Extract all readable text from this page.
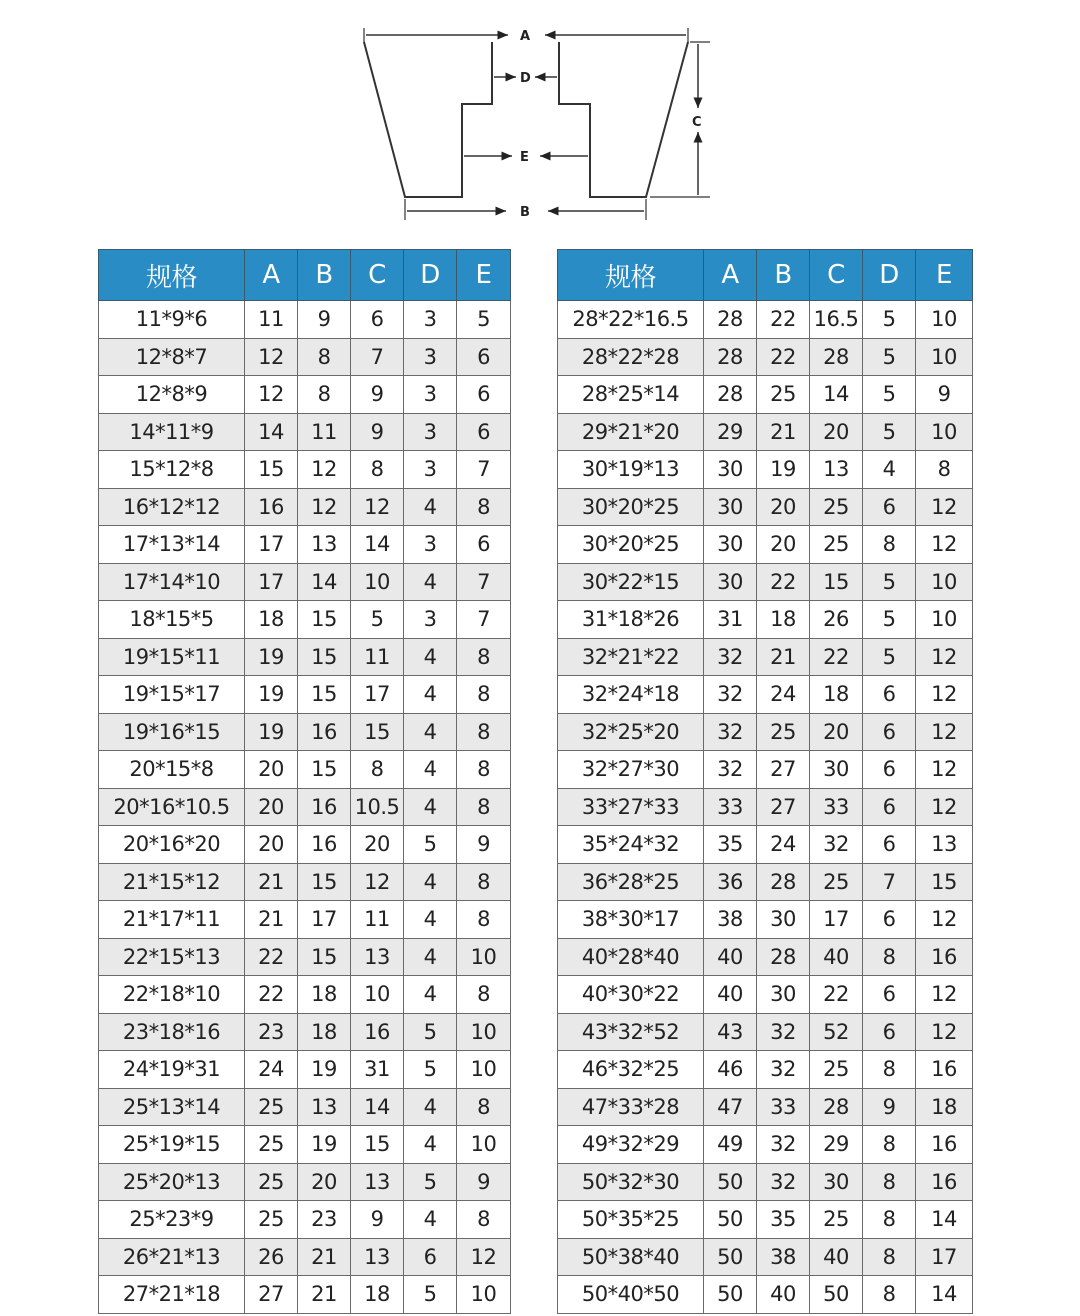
A
D
C
E
B
规格	A	B	C	D	E
11*9*6	11	9	6	3	5
12*8*7	12	8	7	3	6
12*8*9	12	8	9	3	6
14*11*9	14	11	9	3	6
15*12*8	15	12	8	3	7
16*12*12	16	12	12	4	8
17*13*14	17	13	14	3	6
17*14*10	17	14	10	4	7
18*15*5	18	15	5	3	7
19*15*11	19	15	11	4	8
19*15*17	19	15	17	4	8
19*16*15	19	16	15	4	8
20*15*8	20	15	8	4	8
20*16*10.5	20	16	10.5	4	8
20*16*20	20	16	20	5	9
21*15*12	21	15	12	4	8
21*17*11	21	17	11	4	8
22*15*13	22	15	13	4	10
22*18*10	22	18	10	4	8
23*18*16	23	18	16	5	10
24*19*31	24	19	31	5	10
25*13*14	25	13	14	4	8
25*19*15	25	19	15	4	10
25*20*13	25	20	13	5	9
25*23*9	25	23	9	4	8
26*21*13	26	21	13	6	12
27*21*18	27	21	18	5	10
规格	A	B	C	D	E
28*22*16.5	28	22	16.5	5	10
28*22*28	28	22	28	5	10
28*25*14	28	25	14	5	9
29*21*20	29	21	20	5	10
30*19*13	30	19	13	4	8
30*20*25	30	20	25	6	12
30*20*25	30	20	25	8	12
30*22*15	30	22	15	5	10
31*18*26	31	18	26	5	10
32*21*22	32	21	22	5	12
32*24*18	32	24	18	6	12
32*25*20	32	25	20	6	12
32*27*30	32	27	30	6	12
33*27*33	33	27	33	6	12
35*24*32	35	24	32	6	13
36*28*25	36	28	25	7	15
38*30*17	38	30	17	6	12
40*28*40	40	28	40	8	16
40*30*22	40	30	22	6	12
43*32*52	43	32	52	6	12
46*32*25	46	32	25	8	16
47*33*28	47	33	28	9	18
49*32*29	49	32	29	8	16
50*32*30	50	32	30	8	16
50*35*25	50	35	25	8	14
50*38*40	50	38	40	8	17
50*40*50	50	40	50	8	14
